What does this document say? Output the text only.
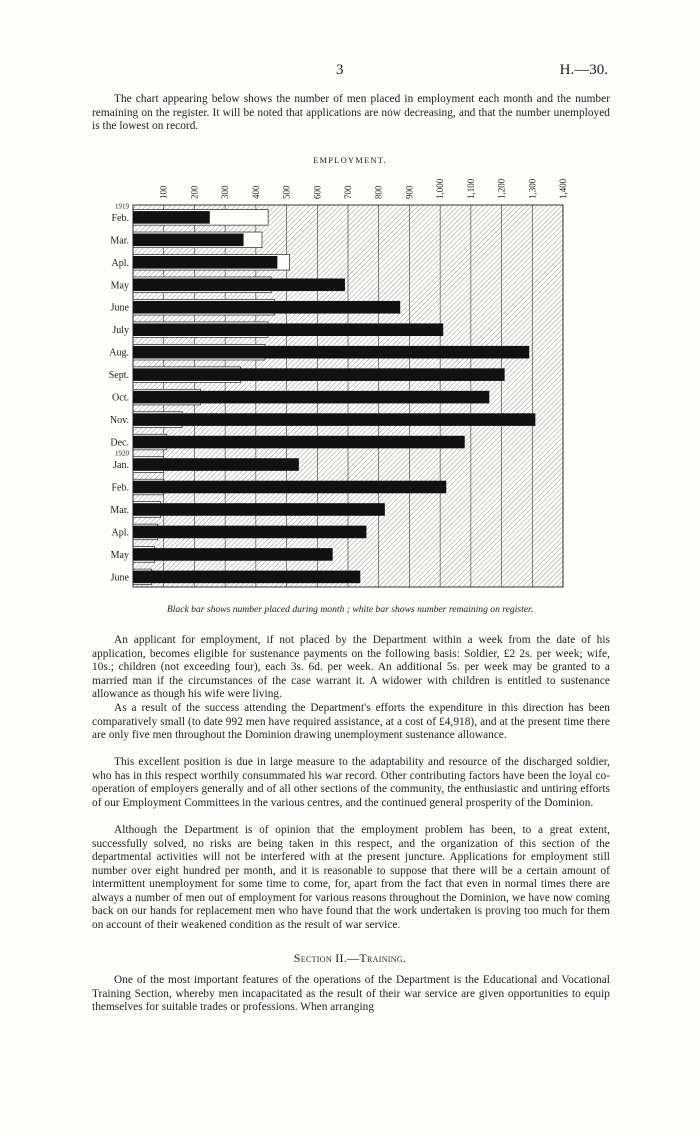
3	H.—30.

The chart appearing below shows the number of men placed in employment each month and the number remaining on the register. It will be noted that applications are now decreasing, and that the number unemployed is the lowest on record.

EMPLOYMENT.
100 200 300 400 500 600 700 800 900 1,000 1,100 1,200 1,300 1,400
1919
Feb.
Mar.
Apl.
May
June
July
Aug.
Sept.
Oct.
Nov.
Dec.
1920
Jan.
Feb.
Mar.
Apl.
May
June
Black bar shows number placed during month ; white bar shows number remaining on register.

An applicant for employment, if not placed by the Department within a week from the date of his application, becomes eligible for sustenance payments on the following basis: Soldier, £2 2s. per week; wife, 10s.; children (not exceeding four), each 3s. 6d. per week. An additional 5s. per week may be granted to a married man if the circumstances of the case warrant it. A widower with children is entitled to sustenance allowance as though his wife were living.

As a result of the success attending the Department's efforts the expenditure in this direction has been comparatively small (to date 992 men have required assistance, at a cost of £4,918), and at the present time there are only five men throughout the Dominion drawing unemployment sustenance allowance.

This excellent position is due in large measure to the adaptability and resource of the discharged soldier, who has in this respect worthily consummated his war record. Other contributing factors have been the loyal co-operation of employers generally and of all other sections of the community, the enthusiastic and untiring efforts of our Employment Committees in the various centres, and the continued general prosperity of the Dominion.

Although the Department is of opinion that the employment problem has been, to a great extent, successfully solved, no risks are being taken in this respect, and the organization of this section of the departmental activities will not be interfered with at the present juncture. Applications for employment still number over eight hundred per month, and it is reasonable to suppose that there will be a certain amount of intermittent unemployment for some time to come, for, apart from the fact that even in normal times there are always a number of men out of employment for various reasons throughout the Dominion, we have now coming back on our hands for replacement men who have found that the work undertaken is proving too much for them on account of their weakened condition as the result of war service.

Section II.—Training.

One of the most important features of the operations of the Department is the Educational and Vocational Training Section, whereby men incapacitated as the result of their war service are given opportunities to equip themselves for suitable trades or professions. When arranging
